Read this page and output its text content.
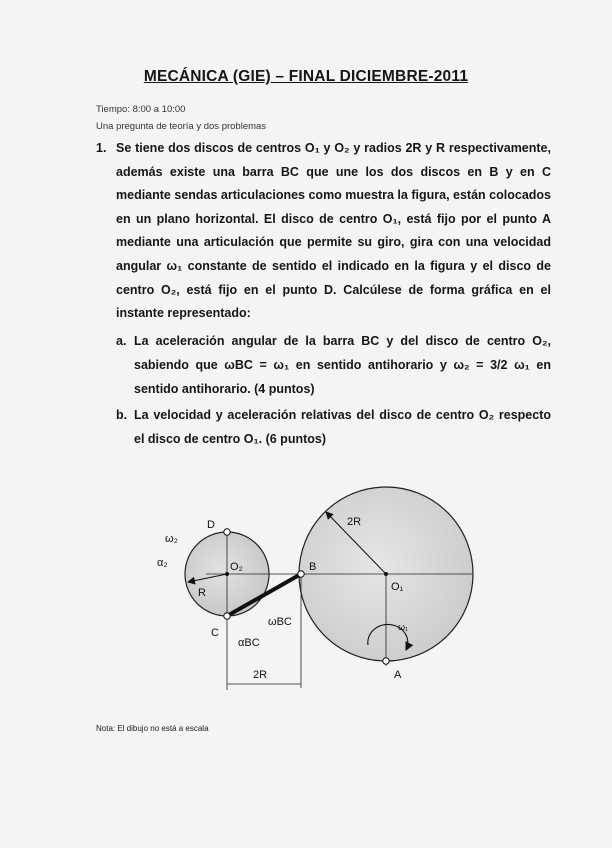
MECÁNICA (GIE) – FINAL DICIEMBRE-2011
Tiempo: 8:00 a 10:00
Una pregunta de teoría y dos problemas
1. Se tiene dos discos de centros O₁ y O₂ y radios 2R y R respectivamente, además existe una barra BC que une los dos discos en B y en C mediante sendas articulaciones como muestra la figura, están colocados en un plano horizontal. El disco de centro O₁, está fijo por el punto A mediante una articulación que permite su giro, gira con una velocidad angular ω₁ constante de sentido el indicado en la figura y el disco de centro O₂, está fijo en el punto D. Calcúlese de forma gráfica en el instante representado:
a. La aceleración angular de la barra BC y del disco de centro O₂, sabiendo que ωBC = ω₁ en sentido antihorario y ω₂ = 3/2 ω₁ en sentido antihorario. (4 puntos)
b. La velocidad y aceleración relativas del disco de centro O₂ respecto el disco de centro O₁. (6 puntos)
D
ω₂
α₂	O₂
R
C
ωBC
αBC
B
2R
O₁
ω₁
A
2R
Nota: El dibujo no está a escala
